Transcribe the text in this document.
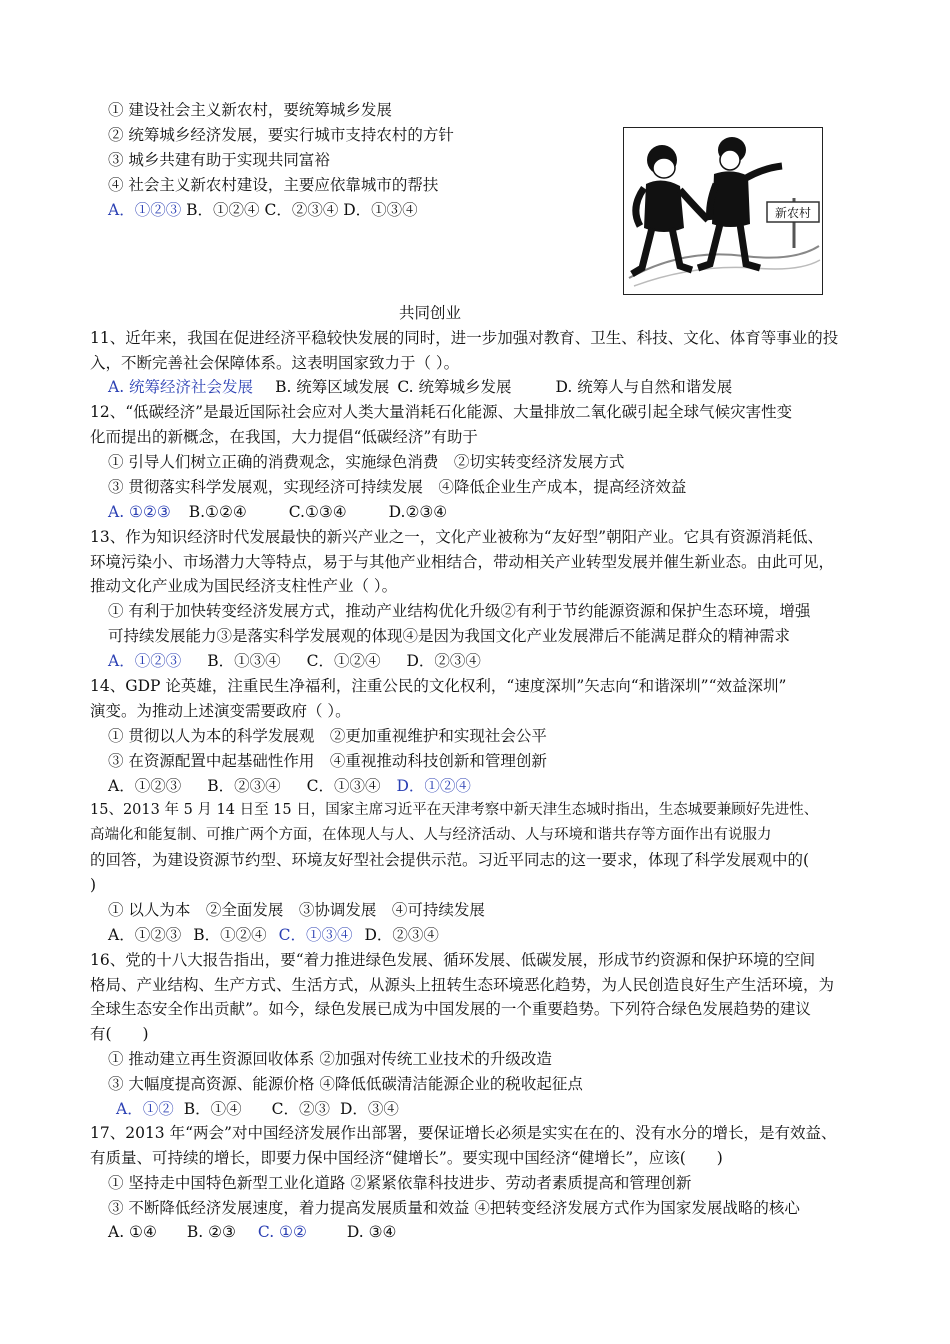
① 建设社会主义新农村，要统筹城乡发展
② 统筹城乡经济发展，要实行城市支持农村的方针
③ 城乡共建有助于实现共同富裕
④ 社会主义新农村建设，主要应依靠城市的帮扶
A．①②③ B．①②④ C．②③④ D．①③④	新农村
共同创业
11、近年来，我国在促进经济平稳较快发展的同时，进一步加强对教育、卫生、科技、文化、体育等事业的投
入，不断完善社会保障体系。这表明国家致力于（ ）。
A. 统筹经济社会发展 B. 统筹区域发展 C. 统筹城乡发展	D. 统筹人与自然和谐发展
12、“低碳经济”是最近国际社会应对人类大量消耗石化能源、大量排放二氧化碳引起全球气候灾害性变
化而提出的新概念，在我国，大力提倡“低碳经济”有助于
① 引导人们树立正确的消费观念，实施绿色消费　②切实转变经济发展方式
③ 贯彻落实科学发展观，实现经济可持续发展　④降低企业生产成本，提高经济效益
A. ①②③ B.①②④	C.①③④	D.②③④
13、作为知识经济时代发展最快的新兴产业之一，文化产业被称为“友好型”朝阳产业。它具有资源消耗低、
环境污染小、市场潜力大等特点，易于与其他产业相结合，带动相关产业转型发展并催生新业态。由此可见，
推动文化产业成为国民经济支柱性产业（ ）。
① 有利于加快转变经济发展方式，推动产业结构优化升级②有利于节约能源资源和保护生态环境，增强
可持续发展能力③是落实科学发展观的体现④是因为我国文化产业发展滞后不能满足群众的精神需求
A．①②③ B．①③④ C．①②④ D．②③④
14、GDP 论英雄，注重民生净福利，注重公民的文化权利，“速度深圳”矢志向“和谐深圳”“效益深圳”
演变。为推动上述演变需要政府（ ）。
① 贯彻以人为本的科学发展观　②更加重视维护和实现社会公平
③ 在资源配置中起基础性作用　④重视推动科技创新和管理创新
A．①②③ B．②③④ C．①③④ D．①②④
15、2013 年 5 月 14 日至 15 日，国家主席习近平在天津考察中新天津生态城时指出，生态城要兼顾好先进性、
高端化和能复制、可推广两个方面，在体现人与人、人与经济活动、人与环境和谐共存等方面作出有说服力
的回答，为建设资源节约型、环境友好型社会提供示范。习近平同志的这一要求，体现了科学发展观中的(
)
① 以人为本　②全面发展　③协调发展　④可持续发展
A．①②③ B．①②④ C．①③④ D．②③④
16、党的十八大报告指出，要“着力推进绿色发展、循环发展、低碳发展，形成节约资源和保护环境的空间
格局、产业结构、生产方式、生活方式，从源头上扭转生态环境恶化趋势，为人民创造良好生产生活环境，为
全球生态安全作出贡献”。如今，绿色发展已成为中国发展的一个重要趋势。下列符合绿色发展趋势的建议
有(　　)
① 推动建立再生资源回收体系 ②加强对传统工业技术的升级改造
③ 大幅度提高资源、能源价格 ④降低低碳清洁能源企业的税收起征点
A．①② B．①④ C．②③ D．③④
17、2013 年“两会”对中国经济发展作出部署，要保证增长必须是实实在在的、没有水分的增长，是有效益、
有质量、可持续的增长，即要力保中国经济“健增长”。要实现中国经济“健增长”，应该(　　)
① 坚持走中国特色新型工业化道路 ②紧紧依靠科技进步、劳动者素质提高和管理创新
③ 不断降低经济发展速度，着力提高发展质量和效益 ④把转变经济发展方式作为国家发展战略的核心
A. ①④ B. ②③ C. ①②	D. ③④
